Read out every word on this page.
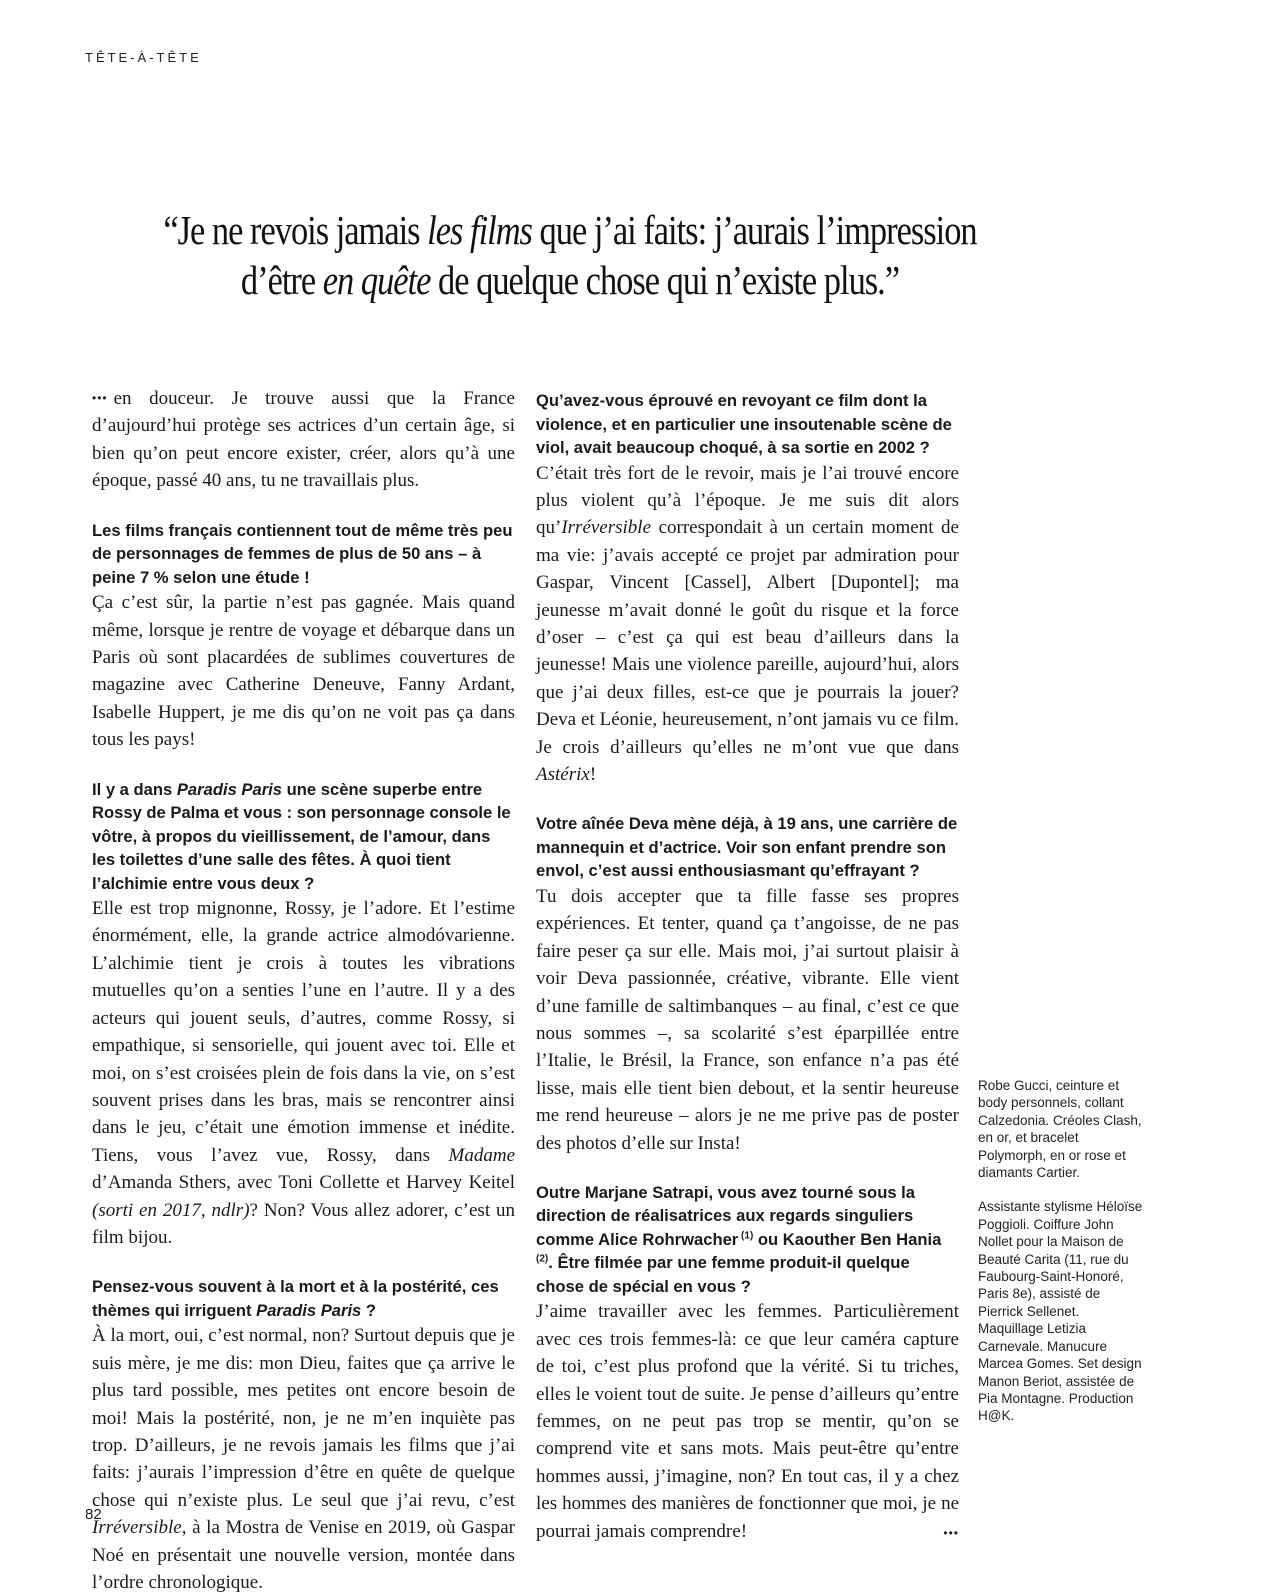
TÊTE-À-TÊTE
“Je ne revois jamais les films que j’ai faits: j’aurais l’impression
d’être en quête de quelque chose qui n’existe plus.”

••• en douceur. Je trouve aussi que la France d’aujourd’hui protège ses actrices d’un certain âge, si bien qu’on peut encore exister, créer, alors qu’à une époque, passé 40 ans, tu ne travaillais plus.

Les films français contiennent tout de même très peu de personnages de femmes de plus de 50 ans – à peine 7 % selon une étude !

Ça c’est sûr, la partie n’est pas gagnée. Mais quand même, lorsque je rentre de voyage et débarque dans un Paris où sont placardées de sublimes couvertures de magazine avec Catherine Deneuve, Fanny Ardant, Isabelle Huppert, je me dis qu’on ne voit pas ça dans tous les pays!

Il y a dans Paradis Paris une scène superbe entre Rossy de Palma et vous : son personnage console le vôtre, à propos du vieillissement, de l’amour, dans les toilettes d’une salle des fêtes. À quoi tient l’alchimie entre vous deux ?

Elle est trop mignonne, Rossy, je l’adore. Et l’estime énormément, elle, la grande actrice almodóvarienne. L’alchimie tient je crois à toutes les vibrations mutuelles qu’on a senties l’une en l’autre. Il y a des acteurs qui jouent seuls, d’autres, comme Rossy, si empathique, si sensorielle, qui jouent avec toi. Elle et moi, on s’est croisées plein de fois dans la vie, on s’est souvent prises dans les bras, mais se rencontrer ainsi dans le jeu, c’était une émotion immense et inédite. Tiens, vous l’avez vue, Rossy, dans Madame d’Amanda Sthers, avec Toni Collette et Harvey Keitel (sorti en 2017, ndlr)? Non? Vous allez adorer, c’est un film bijou.

Pensez-vous souvent à la mort et à la postérité, ces thèmes qui irriguent Paradis Paris ?

À la mort, oui, c’est normal, non? Surtout depuis que je suis mère, je me dis: mon Dieu, faites que ça arrive le plus tard possible, mes petites ont encore besoin de moi! Mais la postérité, non, je ne m’en inquiète pas trop. D’ailleurs, je ne revois jamais les films que j’ai faits: j’aurais l’impression d’être en quête de quelque chose qui n’existe plus. Le seul que j’ai revu, c’est Irréversible, à la Mostra de Venise en 2019, où Gaspar Noé en présentait une nouvelle version, montée dans l’ordre chronologique.

Qu’avez-vous éprouvé en revoyant ce film dont la violence, et en particulier une insoutenable scène de viol, avait beaucoup choqué, à sa sortie en 2002 ?

C’était très fort de le revoir, mais je l’ai trouvé encore plus violent qu’à l’époque. Je me suis dit alors qu’Irréversible correspondait à un certain moment de ma vie: j’avais accepté ce projet par admiration pour Gaspar, Vincent [Cassel], Albert [Dupontel]; ma jeunesse m’avait donné le goût du risque et la force d’oser – c’est ça qui est beau d’ailleurs dans la jeunesse! Mais une violence pareille, aujourd’hui, alors que j’ai deux filles, est-ce que je pourrais la jouer? Deva et Léonie, heureusement, n’ont jamais vu ce film. Je crois d’ailleurs qu’elles ne m’ont vue que dans Astérix!

Votre aînée Deva mène déjà, à 19 ans, une carrière de mannequin et d’actrice. Voir son enfant prendre son envol, c’est aussi enthousiasmant qu’effrayant ?

Tu dois accepter que ta fille fasse ses propres expériences. Et tenter, quand ça t’angoisse, de ne pas faire peser ça sur elle. Mais moi, j’ai surtout plaisir à voir Deva passionnée, créative, vibrante. Elle vient d’une famille de saltimbanques – au final, c’est ce que nous sommes –, sa scolarité s’est éparpillée entre l’Italie, le Brésil, la France, son enfance n’a pas été lisse, mais elle tient bien debout, et la sentir heureuse me rend heureuse – alors je ne me prive pas de poster des photos d’elle sur Insta!

Outre Marjane Satrapi, vous avez tourné sous la direction de réalisatrices aux regards singuliers comme Alice Rohrwacher $^{(1)}$ ou Kaouther Ben Hania $^{(2)}$. Être filmée par une femme produit-il quelque chose de spécial en vous ?

J’aime travailler avec les femmes. Particulièrement avec ces trois femmes-là: ce que leur caméra capture de toi, c’est plus profond que la vérité. Si tu triches, elles le voient tout de suite. Je pense d’ailleurs qu’entre femmes, on ne peut pas trop se mentir, qu’on se comprend vite et sans mots. Mais peut-être qu’entre hommes aussi, j’imagine, non? En tout cas, il y a chez les hommes des manières de fonctionner que moi, je ne pourrai jamais comprendre!	•••

Robe Gucci, ceinture et body personnels, collant Calzedonia. Créoles Clash, en or, et bracelet Polymorph, en or rose et diamants Cartier.

Assistante stylisme Héloïse Poggioli. Coiffure John Nollet pour la Maison de Beauté Carita (11, rue du Faubourg-Saint-Honoré, Paris 8e), assisté de Pierrick Sellenet. Maquillage Letizia Carnevale. Manucure Marcea Gomes. Set design Manon Beriot, assistée de Pia Montagne. Production H@K.

82
